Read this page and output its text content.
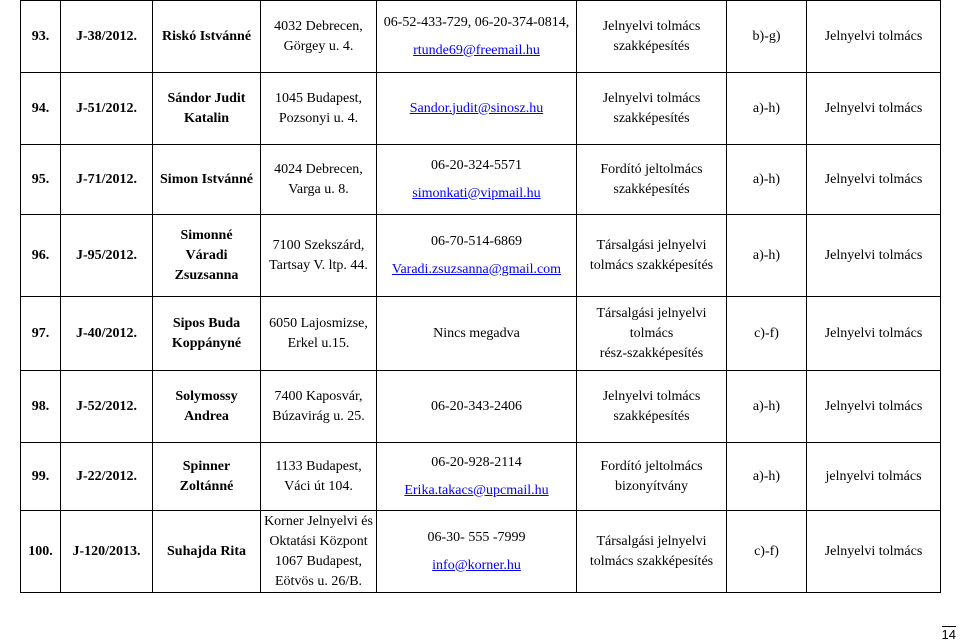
93.	J-38/2012.	Riskó Istvánné	4032 Debrecen,
Görgey u. 4.	06-52-433-729, 06-20-374-0814,
rtunde69@freemail.hu	Jelnyelvi tolmács
szakképesítés	b)-g)	Jelnyelvi tolmács
94.	J-51/2012.	Sándor Judit
Katalin	1045 Budapest,
Pozsonyi u. 4.	Sandor.judit@sinosz.hu	Jelnyelvi tolmács
szakképesítés	a)-h)	Jelnyelvi tolmács
95.	J-71/2012.	Simon Istvánné	4024 Debrecen,
Varga u. 8.	06-20-324-5571
simonkati@vipmail.hu	Fordító jeltolmács
szakképesítés	a)-h)	Jelnyelvi tolmács
96.	J-95/2012.	Simonné
Váradi
Zsuzsanna	7100 Szekszárd,
Tartsay V. ltp. 44.	06-70-514-6869
Varadi.zsuzsanna@gmail.com	Társalgási jelnyelvi
tolmács szakképesítés	a)-h)	Jelnyelvi tolmács
97.	J-40/2012.	Sipos Buda
Koppányné	6050 Lajosmizse,
Erkel u.15.	Nincs megadva	Társalgási jelnyelvi
tolmács
rész-szakképesítés	c)-f)	Jelnyelvi tolmács
98.	J-52/2012.	Solymossy
Andrea	7400 Kaposvár,
Búzavirág u. 25.	06-20-343-2406	Jelnyelvi tolmács
szakképesítés	a)-h)	Jelnyelvi tolmács
99.	J-22/2012.	Spinner
Zoltánné	1133 Budapest,
Váci út 104.	06-20-928-2114
Erika.takacs@upcmail.hu	Fordító jeltolmács
bizonyítvány	a)-h)	jelnyelvi tolmács
100.	J-120/2013.	Suhajda Rita	Korner Jelnyelvi és
Oktatási Központ
1067 Budapest,
Eötvös u. 26/B.	06-30- 555 -7999
info@korner.hu	Társalgási jelnyelvi
tolmács szakképesítés	c)-f)	Jelnyelvi tolmács
14
